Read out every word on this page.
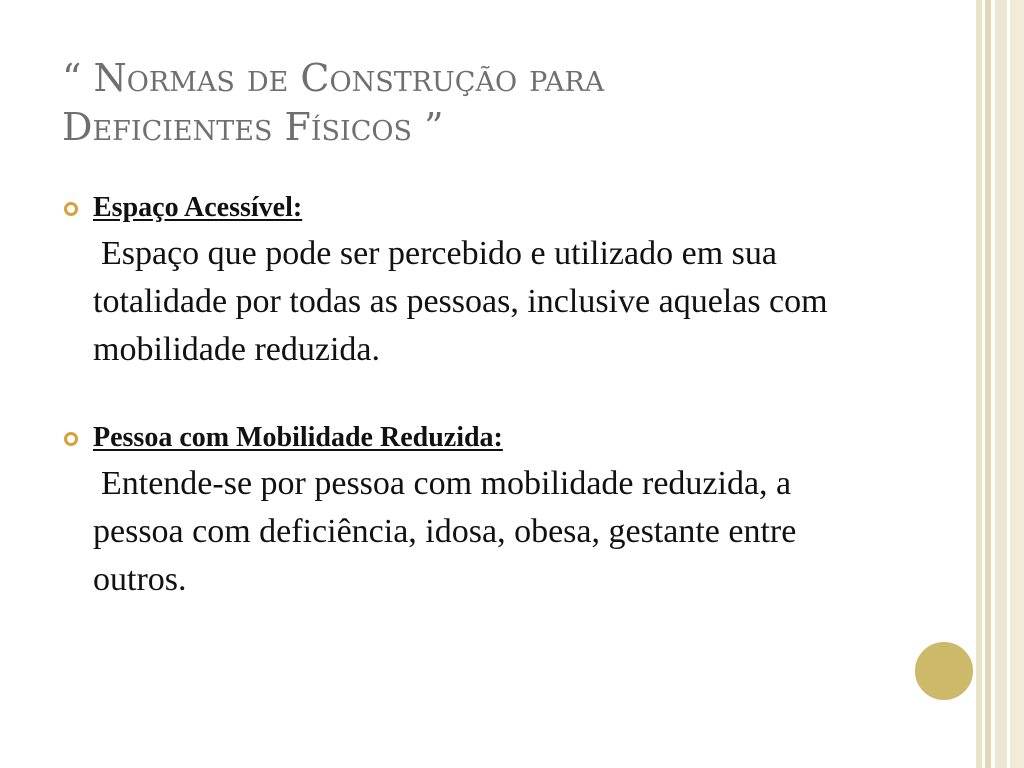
“ Normas de Construção para
Deficientes Físicos ”
Espaço Acessível:
Espaço que pode ser percebido e utilizado em sua totalidade por todas as pessoas, inclusive aquelas com mobilidade reduzida.
Pessoa com Mobilidade Reduzida:
Entende-se por pessoa com mobilidade reduzida, a pessoa com deficiência, idosa, obesa, gestante entre outros.
